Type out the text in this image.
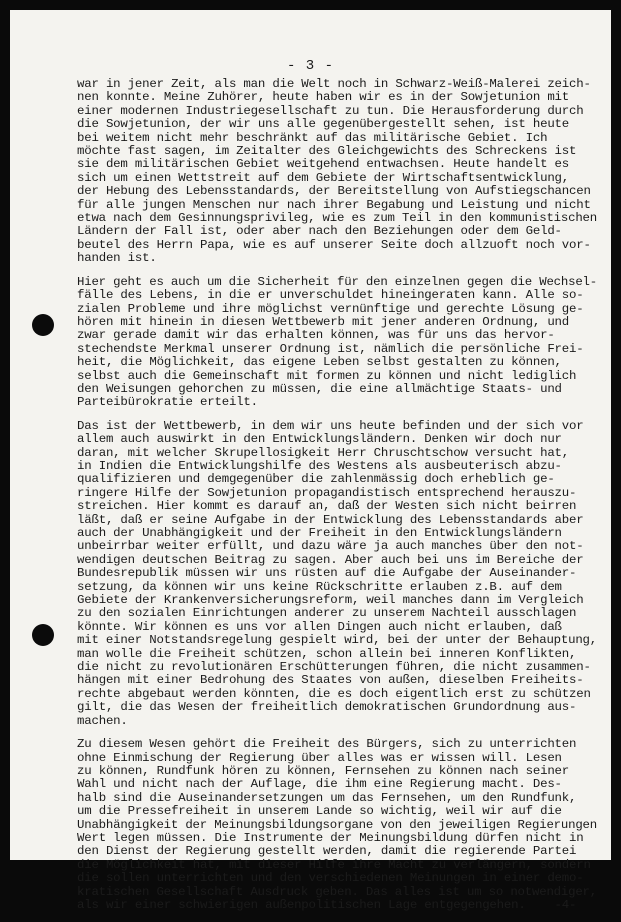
- 3 -
war in jener Zeit, als man die Welt noch in Schwarz-Weiß-Malerei zeich-
nen konnte. Meine Zuhörer, heute haben wir es in der Sowjetunion mit
einer modernen Industriegesellschaft zu tun. Die Herausforderung durch
die Sowjetunion, der wir uns alle gegenübergestellt sehen, ist heute
bei weitem nicht mehr beschränkt auf das militärische Gebiet. Ich
möchte fast sagen, im Zeitalter des Gleichgewichts des Schreckens ist
sie dem militärischen Gebiet weitgehend entwachsen. Heute handelt es
sich um einen Wettstreit auf dem Gebiete der Wirtschaftsentwicklung,
der Hebung des Lebensstandards, der Bereitstellung von Aufstiegschancen
für alle jungen Menschen nur nach ihrer Begabung und Leistung und nicht
etwa nach dem Gesinnungsprivileg, wie es zum Teil in den kommunistischen
Ländern der Fall ist, oder aber nach den Beziehungen oder dem Geld-
beutel des Herrn Papa, wie es auf unserer Seite doch allzuoft noch vor-
handen ist.
Hier geht es auch um die Sicherheit für den einzelnen gegen die Wechsel-
fälle des Lebens, in die er unverschuldet hineingeraten kann. Alle so-
zialen Probleme und ihre möglichst vernünftige und gerechte Lösung ge-
hören mit hinein in diesen Wettbewerb mit jener anderen Ordnung, und
zwar gerade damit wir das erhalten können, was für uns das hervor-
stechendste Merkmal unserer Ordnung ist, nämlich die persönliche Frei-
heit, die Möglichkeit, das eigene Leben selbst gestalten zu können,
selbst auch die Gemeinschaft mit formen zu können und nicht lediglich
den Weisungen gehorchen zu müssen, die eine allmächtige Staats- und
Parteibürokratie erteilt.
Das ist der Wettbewerb, in dem wir uns heute befinden und der sich vor
allem auch auswirkt in den Entwicklungsländern. Denken wir doch nur
daran, mit welcher Skrupellosigkeit Herr Chruschtschow versucht hat,
in Indien die Entwicklungshilfe des Westens als ausbeuterisch abzu-
qualifizieren und demgegenüber die zahlenmässig doch erheblich ge-
ringere Hilfe der Sowjetunion propagandistisch entsprechend herauszu-
streichen. Hier kommt es darauf an, daß der Westen sich nicht beirren
läßt, daß er seine Aufgabe in der Entwicklung des Lebensstandards aber
auch der Unabhängigkeit und der Freiheit in den Entwicklungsländern
unbeirrbar weiter erfüllt, und dazu wäre ja auch manches über den not-
wendigen deutschen Beitrag zu sagen. Aber auch bei uns im Bereiche der
Bundesrepublik müssen wir uns rüsten auf die Aufgabe der Auseinander-
setzung, da können wir uns keine Rückschritte erlauben z.B. auf dem
Gebiete der Krankenversicherungsreform, weil manches dann im Vergleich
zu den sozialen Einrichtungen anderer zu unserem Nachteil ausschlagen
könnte. Wir können es uns vor allen Dingen auch nicht erlauben, daß
mit einer Notstandsregelung gespielt wird, bei der unter der Behauptung,
man wolle die Freiheit schützen, schon allein bei inneren Konflikten,
die nicht zu revolutionären Erschütterungen führen, die nicht zusammen-
hängen mit einer Bedrohung des Staates von außen, dieselben Freiheits-
rechte abgebaut werden könnten, die es doch eigentlich erst zu schützen
gilt, die das Wesen der freiheitlich demokratischen Grundordnung aus-
machen.
Zu diesem Wesen gehört die Freiheit des Bürgers, sich zu unterrichten
ohne Einmischung der Regierung über alles was er wissen will. Lesen
zu können, Rundfunk hören zu können, Fernsehen zu können nach seiner
Wahl und nicht nach der Auflage, die ihm eine Regierung macht. Des-
halb sind die Auseinandersetzungen um das Fernsehen, um den Rundfunk,
um die Pressefreiheit in unserem Lande so wichtig, weil wir auf die
Unabhängigkeit der Meinungsbildungsorgane von den jeweiligen Regierungen
Wert legen müssen. Die Instrumente der Meinungsbildung dürfen nicht in
den Dienst der Regierung gestellt werden, damit die regierende Partei
die Möglichkeit hat, mit dieser Hilfe ihre Macht zu verlängern, sondern
die sollen unterrichten und den verschiedenen Meinungen in einer demo-
kratischen Gesellschaft Ausdruck geben. Das alles ist um so notwendiger,
als wir einer schwierigen außenpolitischen Lage entgegengehen.    -4-
